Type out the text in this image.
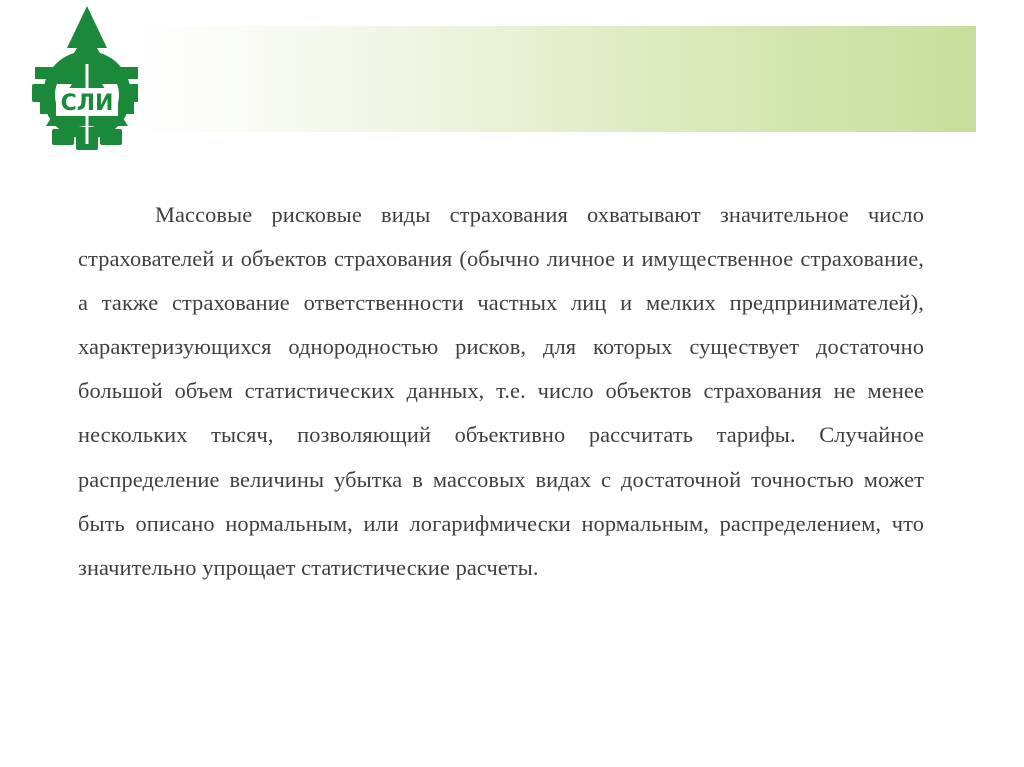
СЛИ

Массовые рисковые виды страхования охватывают значительное число страхователей и объектов страхования (обычно личное и имущественное страхование, а также страхование ответственности частных лиц и мелких предпринимателей), характеризующихся однородностью рисков, для которых существует достаточно большой объем статистических данных, т.е. число объектов страхования не менее нескольких тысяч, позволяющий объективно рассчитать тарифы. Случайное распределение величины убытка в массовых видах с достаточной точностью может быть описано нормальным, или логарифмически нормальным, распределением, что значительно упрощает статистические расчеты.
